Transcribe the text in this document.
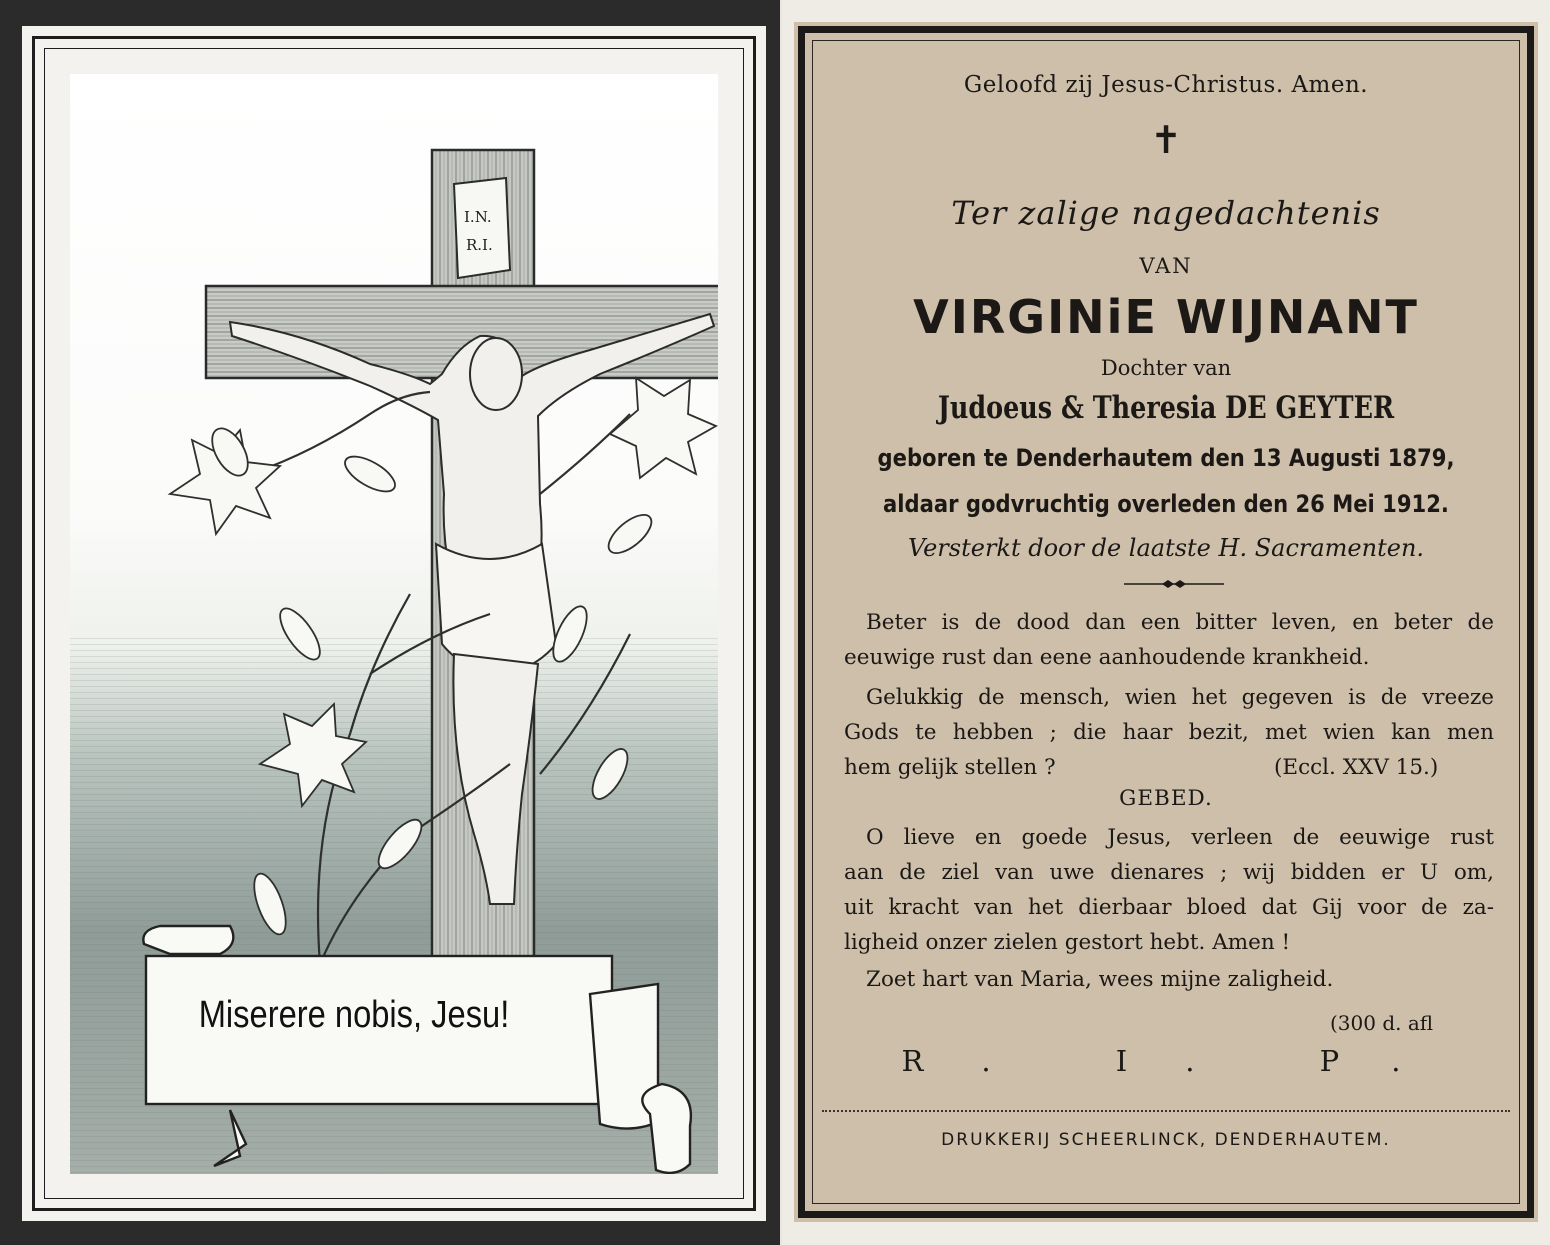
I.N.
R.I.
Miserere nobis, Jesu!
Geloofd zij Jesus-Christus. Amen.
✝
Ter zalige nagedachtenis
VAN
VIRGINiE WIJNANT
Dochter van
Judoeus & Theresia DE GEYTER
geboren te Denderhautem den 13 Augusti 1879,
aldaar godvruchtig overleden den 26 Mei 1912.
Versterkt door de laatste H. Sacramenten.
Beter is de dood dan een bitter leven, en beter de
eeuwige rust dan eene aanhoudende krankheid.
Gelukkig de mensch, wien het gegeven is de vreeze
Gods te hebben ; die haar bezit, met wien kan men
hem gelijk stellen ?	(Eccl. XXV 15.)
GEBED.
O lieve en goede Jesus, verleen de eeuwige rust
aan de ziel van uwe dienares ; wij bidden er U om,
uit kracht van het dierbaar bloed dat Gij voor de za-
ligheid onzer zielen gestort hebt. Amen !
Zoet hart van Maria, wees mijne zaligheid.
(300 d. afl
R. I. P.
DRUKKERIJ SCHEERLINCK, DENDERHAUTEM.
